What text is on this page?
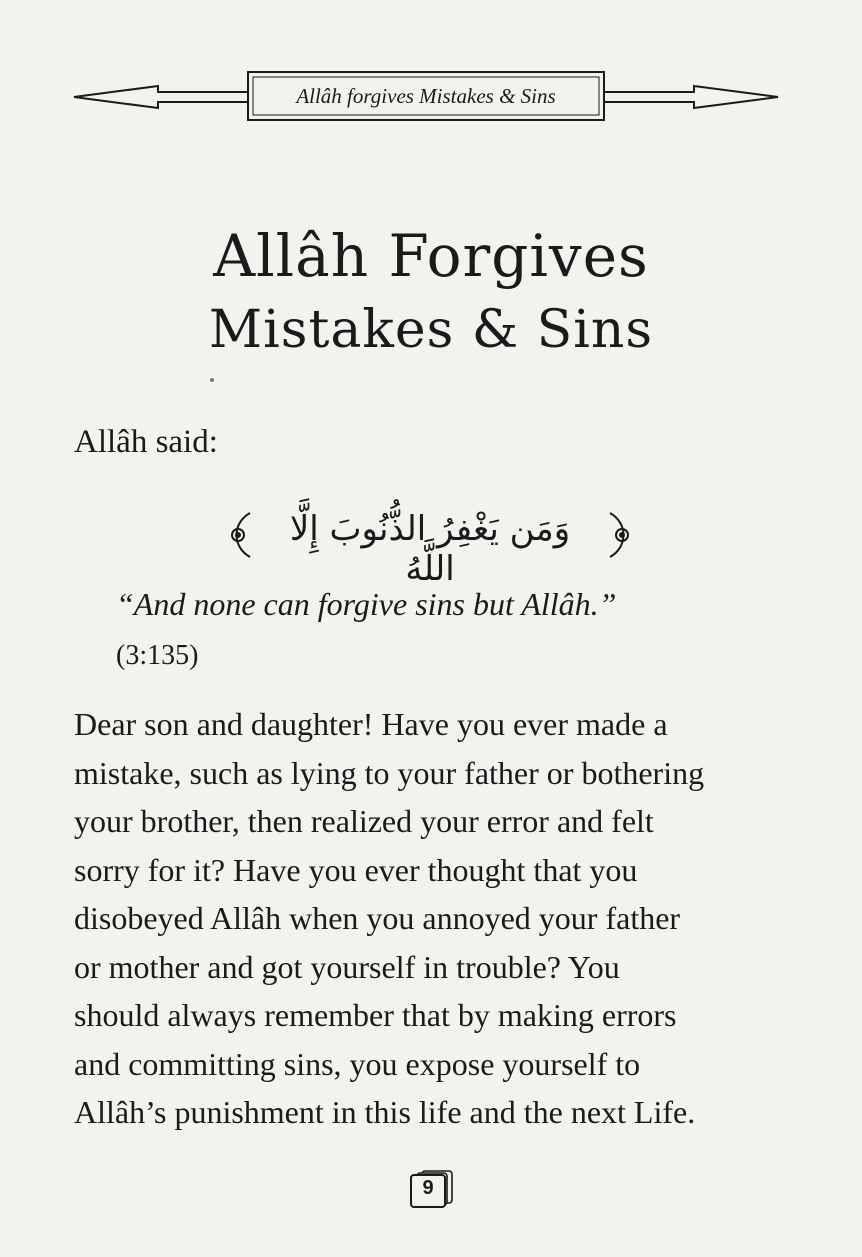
Allâh forgives Mistakes & Sins
Allâh Forgives
Mistakes & Sins
Allâh said:
وَمَن يَغْفِرُ الذُّنُوبَ إِلَّا اللَّهُ
“And none can forgive sins but Allâh.”
(3:135)
Dear son and daughter! Have you ever made a
mistake, such as lying to your father or bothering
your brother, then realized your error and felt
sorry for it? Have you ever thought that you
disobeyed Allâh when you annoyed your father
or mother and got yourself in trouble? You
should always remember that by making errors
and committing sins, you expose yourself to
Allâh’s punishment in this life and the next Life.
9
